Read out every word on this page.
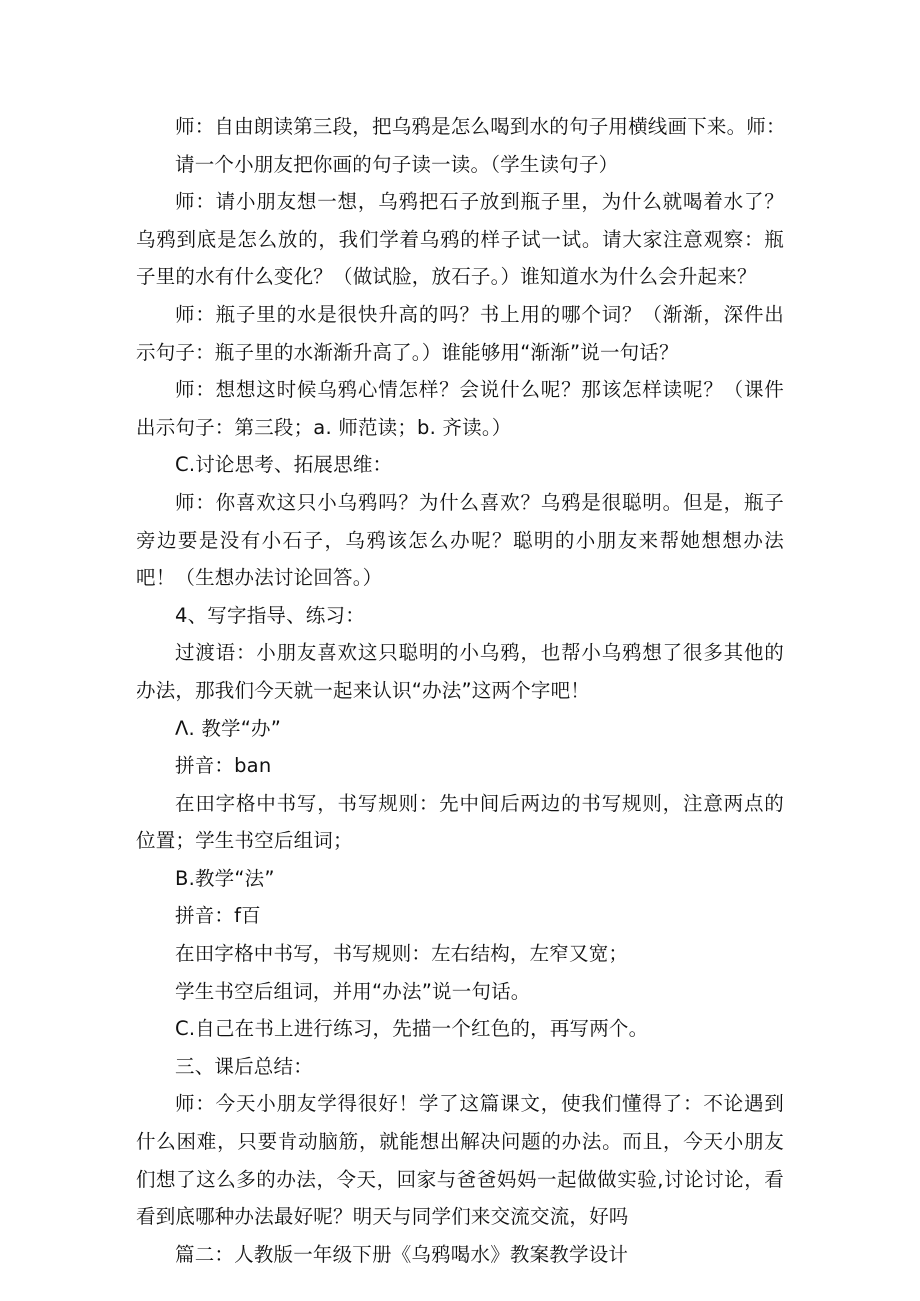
师：自由朗读第三段，把乌鸦是怎么喝到水的句子用横线画下来。师：

请一个小朋友把你画的句子读一读。（学生读句子）

师：请小朋友想一想，乌鸦把石子放到瓶子里，为什么就喝着水了？乌鸦到底是怎么放的，我们学着乌鸦的样子试一试。请大家注意观察：瓶子里的水有什么变化？（做试脸，放石子。）谁知道水为什么会升起来？

师：瓶子里的水是很快升高的吗？书上用的哪个词？（渐渐，深件出示句子：瓶子里的水渐渐升高了。）谁能够用“渐渐”说一句话？

师：想想这时候乌鸦心情怎样？会说什么呢？那该怎样读呢？（课件出示句子：第三段；a. 师范读；b. 齐读。）

C.讨论思考、拓展思维：

师：你喜欢这只小乌鸦吗？为什么喜欢？乌鸦是很聪明。但是，瓶子旁边要是没有小石子，乌鸦该怎么办呢？聪明的小朋友来帮她想想办法吧！（生想办法讨论回答。）

4、写字指导、练习：

过渡语：小朋友喜欢这只聪明的小乌鸦，也帮小乌鸦想了很多其他的办法，那我们今天就一起来认识“办法”这两个字吧！

Λ. 教学“办”

拼音：ban

在田字格中书写，书写规则：先中间后两边的书写规则，注意两点的位置；学生书空后组词；

B.教学“法”

拼音：f百

在田字格中书写，书写规则：左右结构，左窄又宽；

学生书空后组词，并用“办法”说一句话。

C.自己在书上进行练习，先描一个红色的，再写两个。

三、课后总结：

师：今天小朋友学得很好！学了这篇课文，使我们懂得了：不论遇到什么困难，只要肯动脑筋，就能想出解决问题的办法。而且，今天小朋友们想了这么多的办法，令天，回家与爸爸妈妈一起做做实验,讨论讨论，看看到底哪种办法最好呢？明天与同学们来交流交流，好吗

篇二：人教版一年级下册《乌鸦喝水》教案教学设计
